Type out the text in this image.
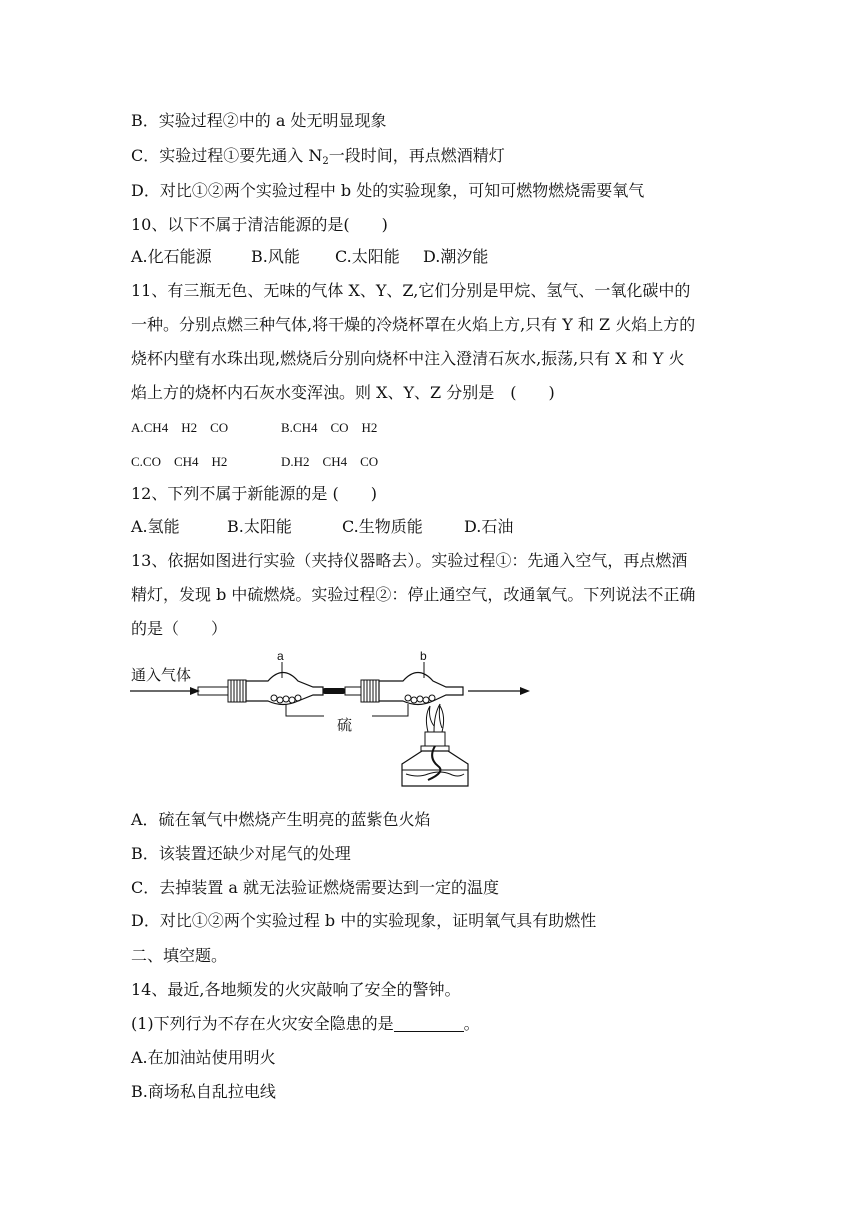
B．实验过程②中的 a 处无明显现象
C．实验过程①要先通入 $N_2$一段时间，再点燃酒精灯
D．对比①②两个实验过程中 b 处的实验现象，可知可燃物燃烧需要氧气
10、以下不属于清洁能源的是(　　)
A.化石能源 B.风能 C.太阳能 D.潮汐能
11、有三瓶无色、无味的气体 X、Y、Z,它们分别是甲烷、氢气、一氧化碳中的
一种。分别点燃三种气体,将干燥的冷烧杯罩在火焰上方,只有 Y 和 Z 火焰上方的
烧杯内壁有水珠出现,燃烧后分别向烧杯中注入澄清石灰水,振荡,只有 X 和 Y 火
焰上方的烧杯内石灰水变浑浊。则 X、Y、Z 分别是　(　　)
A.CH4　H2　CO	B.CH4　CO　H2
C.CO　CH4　H2	D.H2　CH4　CO
12、下列不属于新能源的是 (　　)
A.氢能	B.太阳能	C.生物质能	D.石油
13、依据如图进行实验（夹持仪器略去）。实验过程①：先通入空气，再点燃酒
精灯，发现 b 中硫燃烧。实验过程②：停止通空气，改通氧气。下列说法不正确
的是（　　）
通入气体
a	b
硫
A．硫在氧气中燃烧产生明亮的蓝紫色火焰
B．该装置还缺少对尾气的处理
C．去掉装置 a 就无法验证燃烧需要达到一定的温度
D．对比①②两个实验过程 b 中的实验现象，证明氧气具有助燃性
二、填空题。
14、最近,各地频发的火灾敲响了安全的警钟。
(1)下列行为不存在火灾安全隐患的是	。
A.在加油站使用明火
B.商场私自乱拉电线
